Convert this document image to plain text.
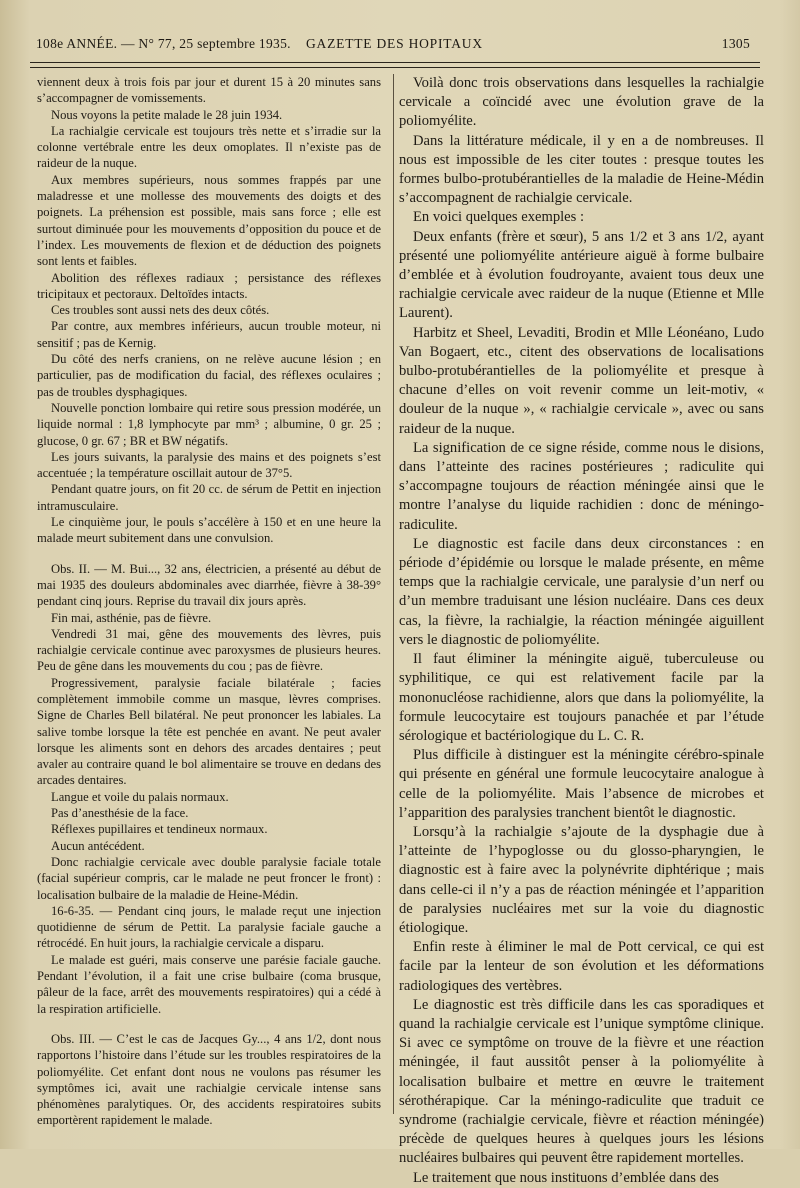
108e ANNÉE. — N° 77, 25 septembre 1935. GAZETTE DES HOPITAUX	1305

viennent deux à trois fois par jour et durent 15 à 20 minutes sans s’accompagner de vomissements.

Nous voyons la petite malade le 28 juin 1934.

La rachialgie cervicale est toujours très nette et s’irradie sur la colonne vertébrale entre les deux omoplates. Il n’existe pas de raideur de la nuque.

Aux membres supérieurs, nous sommes frappés par une maladresse et une mollesse des mouvements des doigts et des poignets. La préhension est possible, mais sans force ; elle est surtout diminuée pour les mouvements d’opposition du pouce et de l’index. Les mouvements de flexion et de déduction des poignets sont lents et faibles.

Abolition des réflexes radiaux ; persistance des réflexes tricipitaux et pectoraux. Deltoïdes intacts.

Ces troubles sont aussi nets des deux côtés.

Par contre, aux membres inférieurs, aucun trouble moteur, ni sensitif ; pas de Kernig.

Du côté des nerfs craniens, on ne relève aucune lésion ; en particulier, pas de modification du facial, des réflexes oculaires ; pas de troubles dysphagiques.

Nouvelle ponction lombaire qui retire sous pression modérée, un liquide normal : 1,8 lymphocyte par mm³ ; albumine, 0 gr. 25 ; glucose, 0 gr. 67 ; BR et BW négatifs.

Les jours suivants, la paralysie des mains et des poignets s’est accentuée ; la température oscillait autour de 37°5.

Pendant quatre jours, on fit 20 cc. de sérum de Pettit en injection intramusculaire.

Le cinquième jour, le pouls s’accélère à 150 et en une heure la malade meurt subitement dans une convulsion.

Obs. II. — M. Bui..., 32 ans, électricien, a présenté au début de mai 1935 des douleurs abdominales avec diarrhée, fièvre à 38-39° pendant cinq jours. Reprise du travail dix jours après.

Fin mai, asthénie, pas de fièvre.

Vendredi 31 mai, gêne des mouvements des lèvres, puis rachialgie cervicale continue avec paroxysmes de plusieurs heures. Peu de gêne dans les mouvements du cou ; pas de fièvre.

Progressivement, paralysie faciale bilatérale ; facies complètement immobile comme un masque, lèvres comprises. Signe de Charles Bell bilatéral. Ne peut prononcer les labiales. La salive tombe lorsque la tête est penchée en avant. Ne peut avaler lorsque les aliments sont en dehors des arcades dentaires ; peut avaler au contraire quand le bol alimentaire se trouve en dedans des arcades dentaires.

Langue et voile du palais normaux.

Pas d’anesthésie de la face.

Réflexes pupillaires et tendineux normaux.

Aucun antécédent.

Donc rachialgie cervicale avec double paralysie faciale totale (facial supérieur compris, car le malade ne peut froncer le front) : localisation bulbaire de la maladie de Heine-Médin.

16-6-35. — Pendant cinq jours, le malade reçut une injection quotidienne de sérum de Pettit. La paralysie faciale gauche a rétrocédé. En huit jours, la rachialgie cervicale a disparu.

Le malade est guéri, mais conserve une parésie faciale gauche. Pendant l’évolution, il a fait une crise bulbaire (coma brusque, pâleur de la face, arrêt des mouvements respiratoires) qui a cédé à la respiration artificielle.

Obs. III. — C’est le cas de Jacques Gy..., 4 ans 1/2, dont nous rapportons l’histoire dans l’étude sur les troubles respiratoires de la poliomyélite. Cet enfant dont nous ne voulons pas résumer les symptômes ici, avait une rachialgie cervicale intense sans phénomènes paralytiques. Or, des accidents respiratoires subits emportèrent rapidement le malade.

Voilà donc trois observations dans lesquelles la rachialgie cervicale a coïncidé avec une évolution grave de la poliomyélite.

Dans la littérature médicale, il y en a de nombreuses. Il nous est impossible de les citer toutes : presque toutes les formes bulbo-protubérantielles de la maladie de Heine-Médin s’accompagnent de rachialgie cervicale.

En voici quelques exemples :

Deux enfants (frère et sœur), 5 ans 1/2 et 3 ans 1/2, ayant présenté une poliomyélite antérieure aiguë à forme bulbaire d’emblée et à évolution foudroyante, avaient tous deux une rachialgie cervicale avec raideur de la nuque (Etienne et Mlle Laurent).

Harbitz et Sheel, Levaditi, Brodin et Mlle Léonéano, Ludo Van Bogaert, etc., citent des observations de localisations bulbo-protubérantielles de la poliomyélite et presque à chacune d’elles on voit revenir comme un leit-motiv, « douleur de la nuque », « rachialgie cervicale », avec ou sans raideur de la nuque.

La signification de ce signe réside, comme nous le disions, dans l’atteinte des racines postérieures ; radiculite qui s’accompagne toujours de réaction méningée ainsi que le montre l’analyse du liquide rachidien : donc de méningo-radiculite.

Le diagnostic est facile dans deux circonstances : en période d’épidémie ou lorsque le malade présente, en même temps que la rachialgie cervicale, une paralysie d’un nerf ou d’un membre traduisant une lésion nucléaire. Dans ces deux cas, la fièvre, la rachialgie, la réaction méningée aiguillent vers le diagnostic de poliomyélite.

Il faut éliminer la méningite aiguë, tuberculeuse ou syphilitique, ce qui est relativement facile par la mononucléose rachidienne, alors que dans la poliomyélite, la formule leucocytaire est toujours panachée et par l’étude sérologique et bactériologique du L. C. R.

Plus difficile à distinguer est la méningite cérébro-spinale qui présente en général une formule leucocytaire analogue à celle de la poliomyélite. Mais l’absence de microbes et l’apparition des paralysies tranchent bientôt le diagnostic.

Lorsqu’à la rachialgie s’ajoute de la dysphagie due à l’atteinte de l’hypoglosse ou du glosso-pharyngien, le diagnostic est à faire avec la polynévrite diphtérique ; mais dans celle-ci il n’y a pas de réaction méningée et l’apparition de paralysies nucléaires met sur la voie du diagnostic étiologique.

Enfin reste à éliminer le mal de Pott cervical, ce qui est facile par la lenteur de son évolution et les déformations radiologiques des vertèbres.

Le diagnostic est très difficile dans les cas sporadiques et quand la rachialgie cervicale est l’unique symptôme clinique. Si avec ce symptôme on trouve de la fièvre et une réaction méningée, il faut aussitôt penser à la poliomyélite à localisation bulbaire et mettre en œuvre le traitement sérothérapique. Car la méningo-radiculite que traduit ce syndrome (rachialgie cervicale, fièvre et réaction méningée) précède de quelques heures à quelques jours les lésions nucléaires bulbaires qui peuvent être rapidement mortelles.

Le traitement que nous instituons d’emblée dans des
